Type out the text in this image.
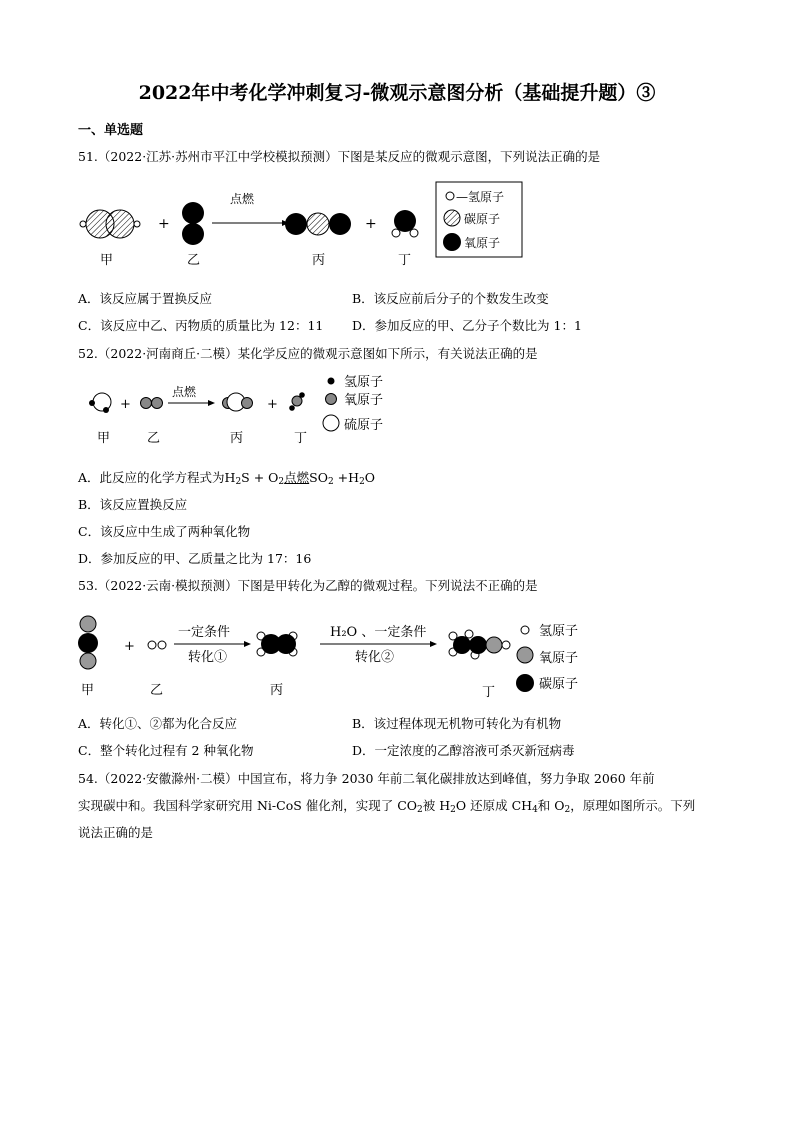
2022年中考化学冲刺复习-微观示意图分析（基础提升题）③
一、单选题
51.（2022·江苏·苏州市平江中学校模拟预测）下图是某反应的微观示意图，下列说法正确的是
+
点燃
+
甲	乙	丙	丁
—氢原子
碳原子
氧原子
A．该反应属于置换反应	B．该反应前后分子的个数发生改变
C．该反应中乙、丙物质的质量比为 12：11 D．参加反应的甲、乙分子个数比为 1：1
52.（2022·河南商丘·二模）某化学反应的微观示意图如下所示，有关说法正确的是
+
点燃
+
甲	乙	丙	丁
氢原子
氧原子
硫原子
A．此反应的化学方程式为$H_2S + O_2$点燃$SO_2 +H_2O$
B．该反应置换反应
C．该反应中生成了两种氧化物
D．参加反应的甲、乙质量之比为 17：16
53.（2022·云南·模拟预测）下图是甲转化为乙醇的微观过程。下列说法不正确的是
+
一定条件
转化①
H₂O 、一定条件
转化②
甲	乙	丙	丁
氢原子
氧原子
碳原子
A．转化①、②都为化合反应	B．该过程体现无机物可转化为有机物
C．整个转化过程有 2 种氧化物	D．一定浓度的乙醇溶液可杀灭新冠病毒
54.（2022·安徽滁州·二模）中国宣布，将力争 2030 年前二氧化碳排放达到峰值，努力争取 2060 年前
实现碳中和。我国科学家研究用 Ni-CoS 催化剂，实现了 $CO_2$被 $H_2O$ 还原成 $CH_4$和 $O_2$，原理如图所示。下列
说法正确的是
